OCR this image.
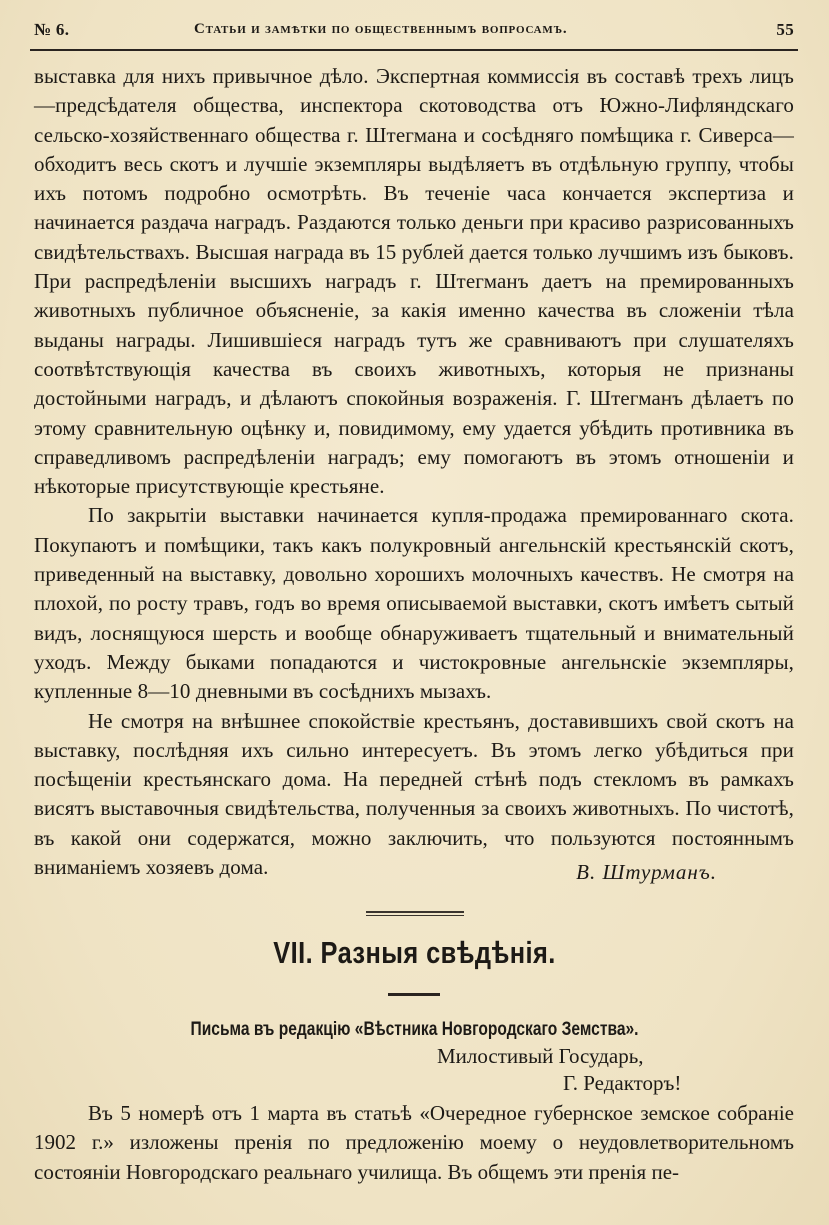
№ 6.	Статьи и замѣтки по общественнымъ вопросамъ.	55

выставка для нихъ привычное дѣло. Экспертная коммиссія въ составѣ трехъ лицъ—предсѣдателя общества, инспектора скотоводства отъ Южно-Лифляндскаго сельско-хозяйственнаго общества г. Штегмана и сосѣдняго помѣщика г. Сиверса—обходитъ весь скотъ и лучшіе экземпляры выдѣляетъ въ отдѣльную группу, чтобы ихъ потомъ подробно осмотрѣть. Въ теченіе часа кончается экспертиза и начинается раздача наградъ. Раздаются только деньги при красиво разрисованныхъ свидѣтельствахъ. Высшая награда въ 15 рублей дается только лучшимъ изъ быковъ. При распредѣленіи высшихъ наградъ г. Штегманъ даетъ на премированныхъ животныхъ публичное объясненіе, за какія именно качества въ сложеніи тѣла выданы награды. Лишившіеся наградъ тутъ же сравниваютъ при слушателяхъ соотвѣтствующія качества въ своихъ животныхъ, которыя не признаны достойными наградъ, и дѣлаютъ спокойныя возраженія. Г. Штегманъ дѣлаетъ по этому сравнительную оцѣнку и, повидимому, ему удается убѣдить противника въ справедливомъ распредѣленіи наградъ; ему помогаютъ въ этомъ отношеніи и нѣкоторые присутствующіе крестьяне.

По закрытіи выставки начинается купля-продажа премированнаго скота. Покупаютъ и помѣщики, такъ какъ полукровный ангельнскій крестьянскій скотъ, приведенный на выставку, довольно хорошихъ молочныхъ качествъ. Не смотря на плохой, по росту травъ, годъ во время описываемой выставки, скотъ имѣетъ сытый видъ, лоснящуюся шерсть и вообще обнаруживаетъ тщательный и внимательный уходъ. Между быками попадаются и чистокровные ангельнскіе экземпляры, купленные 8—10 дневными въ сосѣднихъ мызахъ.

Не смотря на внѣшнее спокойствіе крестьянъ, доставившихъ свой скотъ на выставку, послѣдняя ихъ сильно интересуетъ. Въ этомъ легко убѣдиться при посѣщеніи крестьянскаго дома. На передней стѣнѣ подъ стекломъ въ рамкахъ висятъ выставочныя свидѣтельства, полученныя за своихъ животныхъ. По чистотѣ, въ какой они содержатся, можно заключить, что пользуются постояннымъ вниманіемъ хозяевъ дома.	В. Штурманъ.
VII. Разныя свѣдѣнія.
Письма въ редакцію «Вѣстника Новгородскаго Земства».
Милостивый Государь,
Г. Редакторъ!

Въ 5 номерѣ отъ 1 марта въ статьѣ «Очередное губернское земское собраніе 1902 г.» изложены пренія по предложенію моему о неудовлетворительномъ состояніи Новгородскаго реальнаго училища. Въ общемъ эти пренія пе-
